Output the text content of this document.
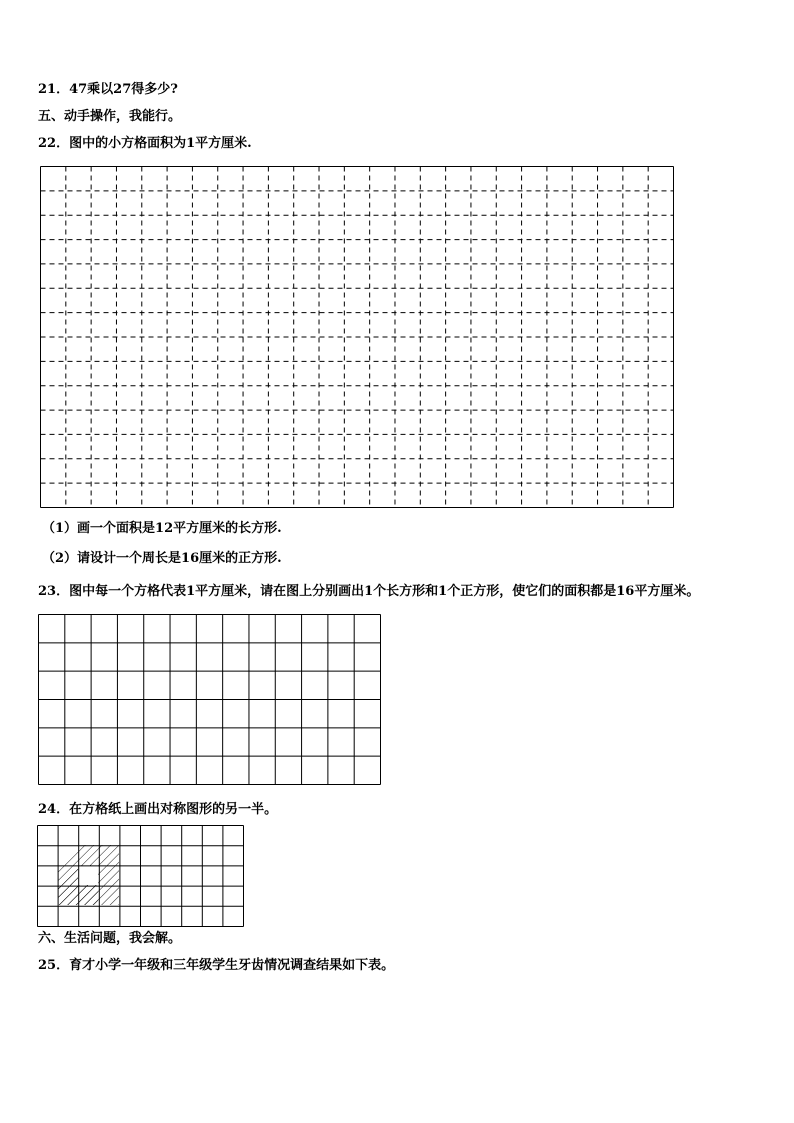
21．47乘以27得多少?

五、动手操作，我能行。

22．图中的小方格面积为1平方厘米.

（1）画一个面积是12平方厘米的长方形.

（2）请设计一个周长是16厘米的正方形.

23．图中每一个方格代表1平方厘米，请在图上分别画出1个长方形和1个正方形，使它们的面积都是16平方厘米。

24．在方格纸上画出对称图形的另一半。

六、生活问题，我会解。

25．育才小学一年级和三年级学生牙齿情况调查结果如下表。
